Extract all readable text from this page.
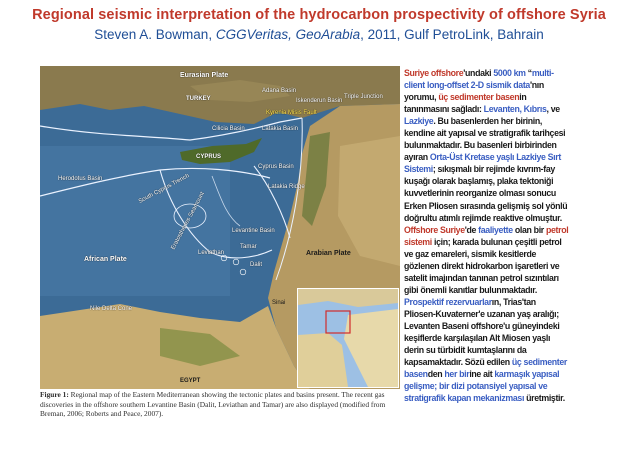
Regional seismic interpretation of the hydrocarbon prospectivity of offshore Syria
Steven A. Bowman, CGGVeritas, GeoArabia, 2011, Gulf PetroLink, Bahrain
Eurasian Plate
TURKEY
Adana Basin
Iskenderun Basin
Triple Junction
Cilicia Basin
Kyrenia Misis Fault
Latakia Basin
CYPRUS
Cyprus Basin
Latakia Ridge
Herodotus Basin	South Cyprus Trench
Eratosthenes Seamount	Levantine Basin
African Plate
Leviathan
Tamar
Dalit
Arabian Plate
Nile Delta Cone
EGYPT
Sinai
Figure 1: Regional map of the Eastern Mediterranean showing the tectonic plates and basins present. The recent gas discoveries in the offshore southern Levantine Basin (Dalit, Leviathan and Tamar) are also displayed (modified from Breman, 2006; Roberts and Peace, 2007).
Suriye offshore'undaki 5000 km “multi-
client long-offset 2-D sismik data'nın
yorumu, üç sedimenter basenin
tanınmasını sağladı: Levanten, Kıbrıs, ve
Lazkiye. Bu basenlerden her birinin,
kendine ait yapısal ve stratigrafik tarihçesi
bulunmaktadır. Bu basenleri birbirinden
ayıran Orta-Üst Kretase yaşlı Lazkiye Sırt
Sistemi; sıkışmalı bir rejimde kıvrım-fay
kuşağı olarak başlamış, plaka tektoniği
kuvvetlerinin reorganize olması sonucu
Erken Pliosen sırasında gelişmiş sol yönlü
doğrultu atımlı rejimde reaktive olmuştur.
Offshore Suriye'de faaliyette olan bir petrol
sistemi için; karada bulunan çeşitli petrol
ve gaz emareleri, sismik kesitlerde
gözlenen direkt hidrokarbon işaretleri ve
satelit imajından tanınan petrol sızıntıları
gibi önemli kanıtlar bulunmaktadır.
Prospektif rezervuarların, Trias'tan
Pliosen-Kuvaterner'e uzanan yaş aralığı;
Levanten Baseni offshore'u güneyindeki
keşiflerde karşılaşılan Alt Miosen yaşlı
derin su türbidit kumtaşlarını da
kapsamaktadır. Sözü edilen üç sedimenter
basenden her birine ait karmaşık yapısal
gelişme; bir dizi potansiyel yapısal ve
stratigrafik kapan mekanizması üretmiştir.
